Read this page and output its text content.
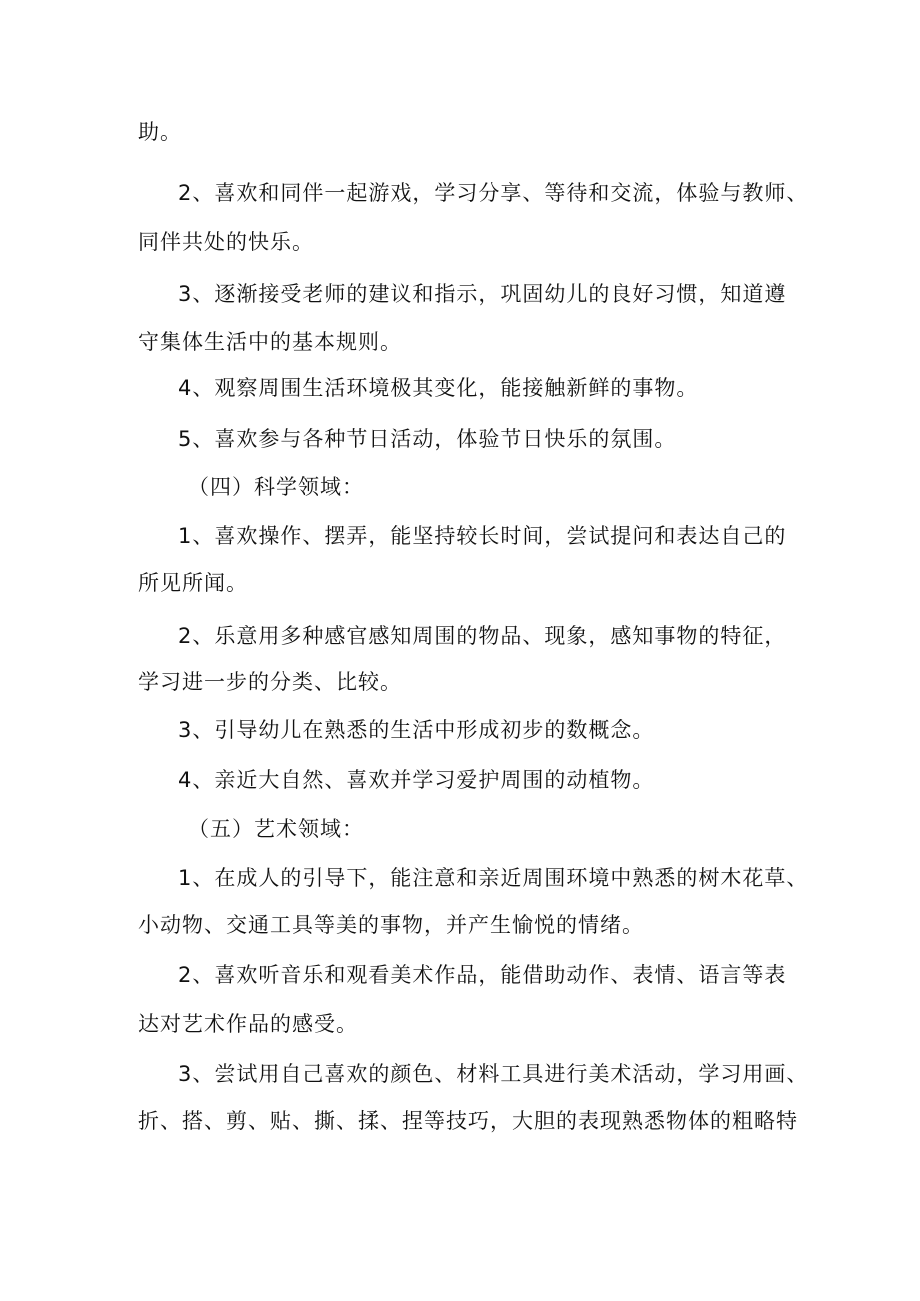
助。
2、喜欢和同伴一起游戏，学习分享、等待和交流，体验与教师、
同伴共处的快乐。
3、逐渐接受老师的建议和指示，巩固幼儿的良好习惯，知道遵
守集体生活中的基本规则。
4、观察周围生活环境极其变化，能接触新鲜的事物。
5、喜欢参与各种节日活动，体验节日快乐的氛围。
（四）科学领域：
1、喜欢操作、摆弄，能坚持较长时间，尝试提问和表达自己的
所见所闻。
2、乐意用多种感官感知周围的物品、现象，感知事物的特征，
学习进一步的分类、比较。
3、引导幼儿在熟悉的生活中形成初步的数概念。
4、亲近大自然、喜欢并学习爱护周围的动植物。
（五）艺术领域：
1、在成人的引导下，能注意和亲近周围环境中熟悉的树木花草、
小动物、交通工具等美的事物，并产生愉悦的情绪。
2、喜欢听音乐和观看美术作品，能借助动作、表情、语言等表
达对艺术作品的感受。
3、尝试用自己喜欢的颜色、材料工具进行美术活动，学习用画、
折、搭、剪、贴、撕、揉、捏等技巧，大胆的表现熟悉物体的粗略特
